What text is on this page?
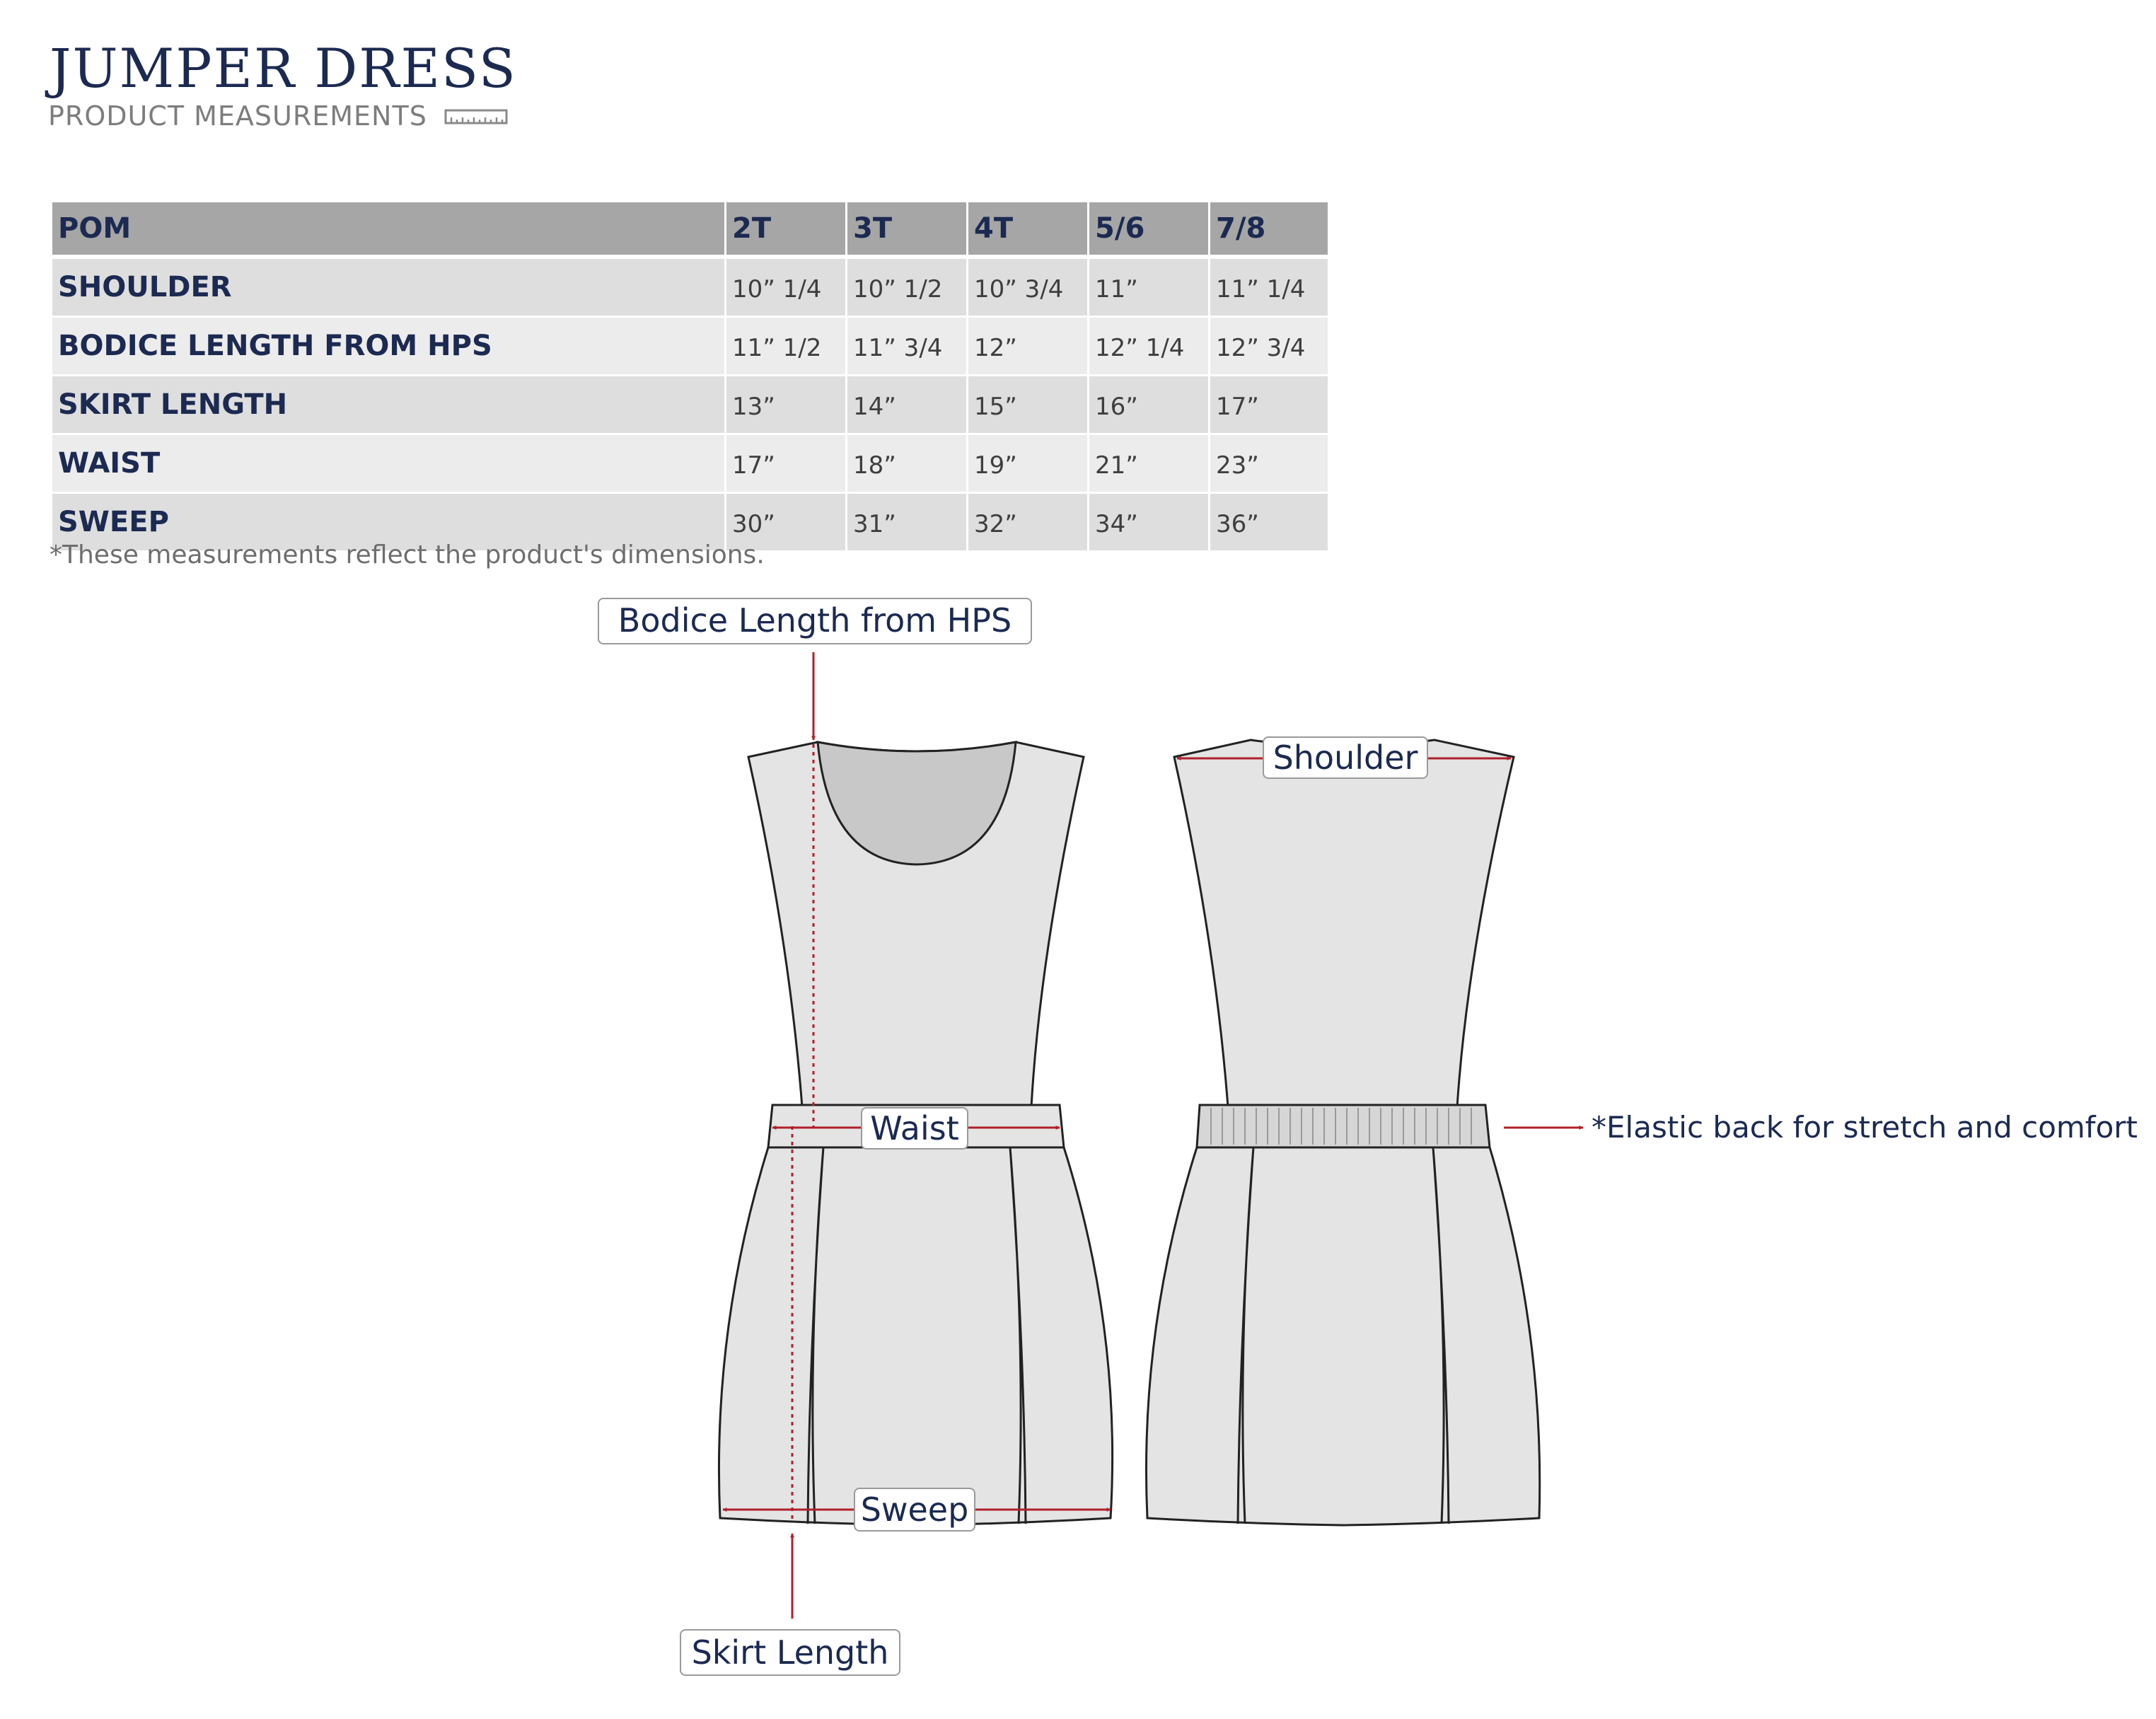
JUMPER DRESS
PRODUCT MEASUREMENTS
POM	2T	3T	4T	5/6	7/8
SHOULDER	10” 1/4	10” 1/2	10” 3/4	11”	11” 1/4
BODICE LENGTH FROM HPS	11” 1/2	11” 3/4	12”	12” 1/4	12” 3/4
SKIRT LENGTH	13”	14”	15”	16”	17”
WAIST	17”	18”	19”	21”	23”
SWEEP	30”	31”	32”	34”	36”

*These measurements reflect the product's dimensions.

Bodice Length from HPS
Shoulder
Waist
Sweep
Skirt Length
*Elastic back for stretch and comfort
